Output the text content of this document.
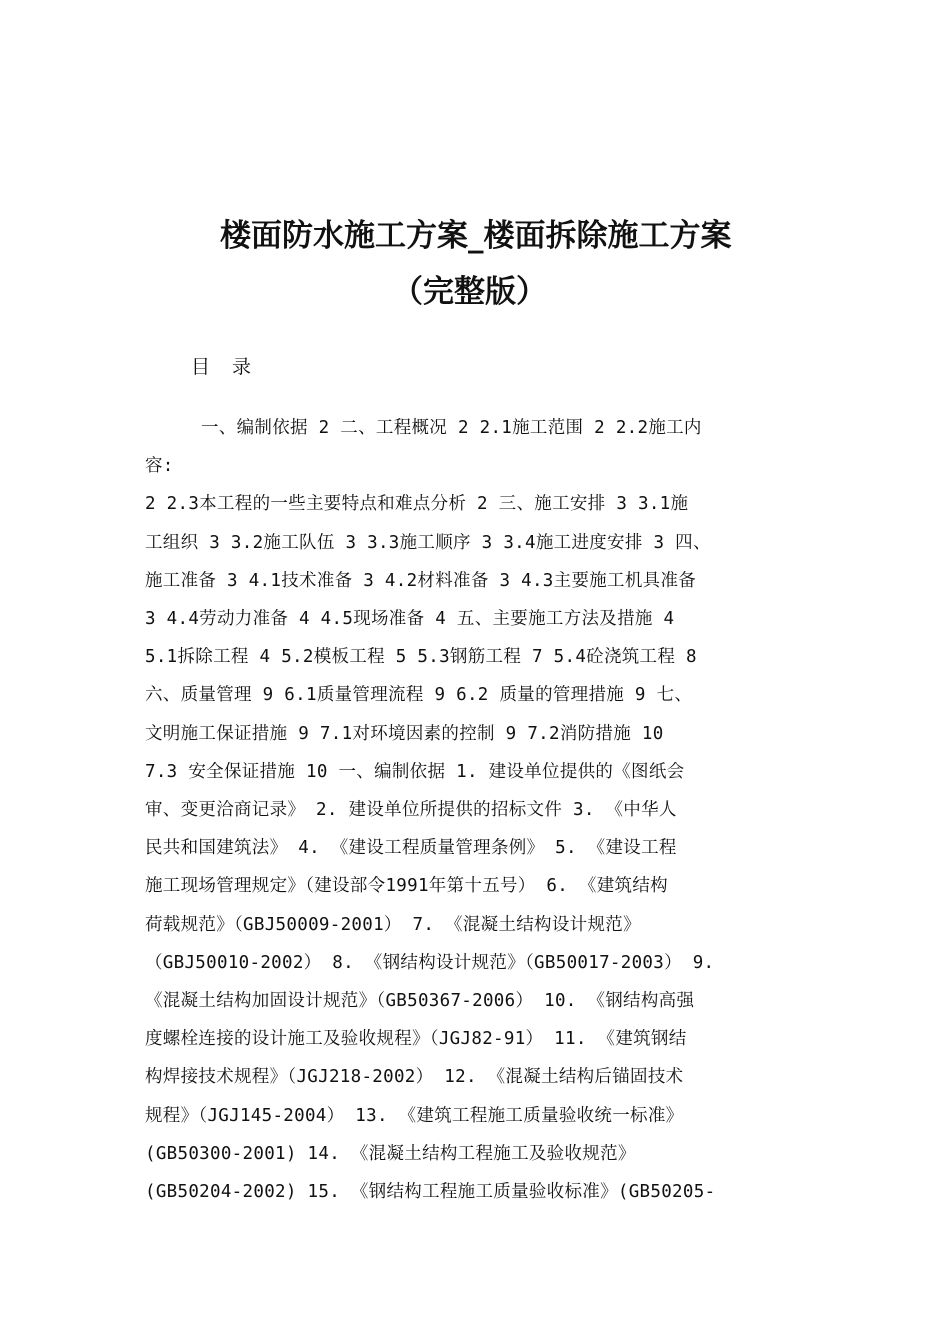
楼面防水施工方案_楼面拆除施工方案
（完整版）

目 录

一、编制依据 2 二、工程概况 2 2.1施工范围 2 2.2施工内
容:
2 2.3本工程的一些主要特点和难点分析 2 三、施工安排 3 3.1施
工组织 3 3.2施工队伍 3 3.3施工顺序 3 3.4施工进度安排 3 四、
施工准备 3 4.1技术准备 3 4.2材料准备 3 4.3主要施工机具准备
3 4.4劳动力准备 4 4.5现场准备 4 五、主要施工方法及措施 4
5.1拆除工程 4 5.2模板工程 5 5.3钢筋工程 7 5.4砼浇筑工程 8
六、质量管理 9 6.1质量管理流程 9 6.2 质量的管理措施 9 七、
文明施工保证措施 9 7.1对环境因素的控制 9 7.2消防措施 10
7.3 安全保证措施 10 一、编制依据 1. 建设单位提供的《图纸会
审、变更洽商记录》 2. 建设单位所提供的招标文件 3. 《中华人
民共和国建筑法》 4. 《建设工程质量管理条例》 5. 《建设工程
施工现场管理规定》（建设部令1991年第十五号） 6. 《建筑结构
荷载规范》（GBJ50009-2001） 7. 《混凝土结构设计规范》
（GBJ50010-2002） 8. 《钢结构设计规范》（GB50017-2003） 9.
《混凝土结构加固设计规范》（GB50367-2006） 10. 《钢结构高强
度螺栓连接的设计施工及验收规程》（JGJ82-91） 11. 《建筑钢结
构焊接技术规程》（JGJ218-2002） 12. 《混凝土结构后锚固技术
规程》（JGJ145-2004） 13. 《建筑工程施工质量验收统一标准》
(GB50300-2001) 14. 《混凝土结构工程施工及验收规范》
(GB50204-2002) 15. 《钢结构工程施工质量验收标准》(GB50205-
